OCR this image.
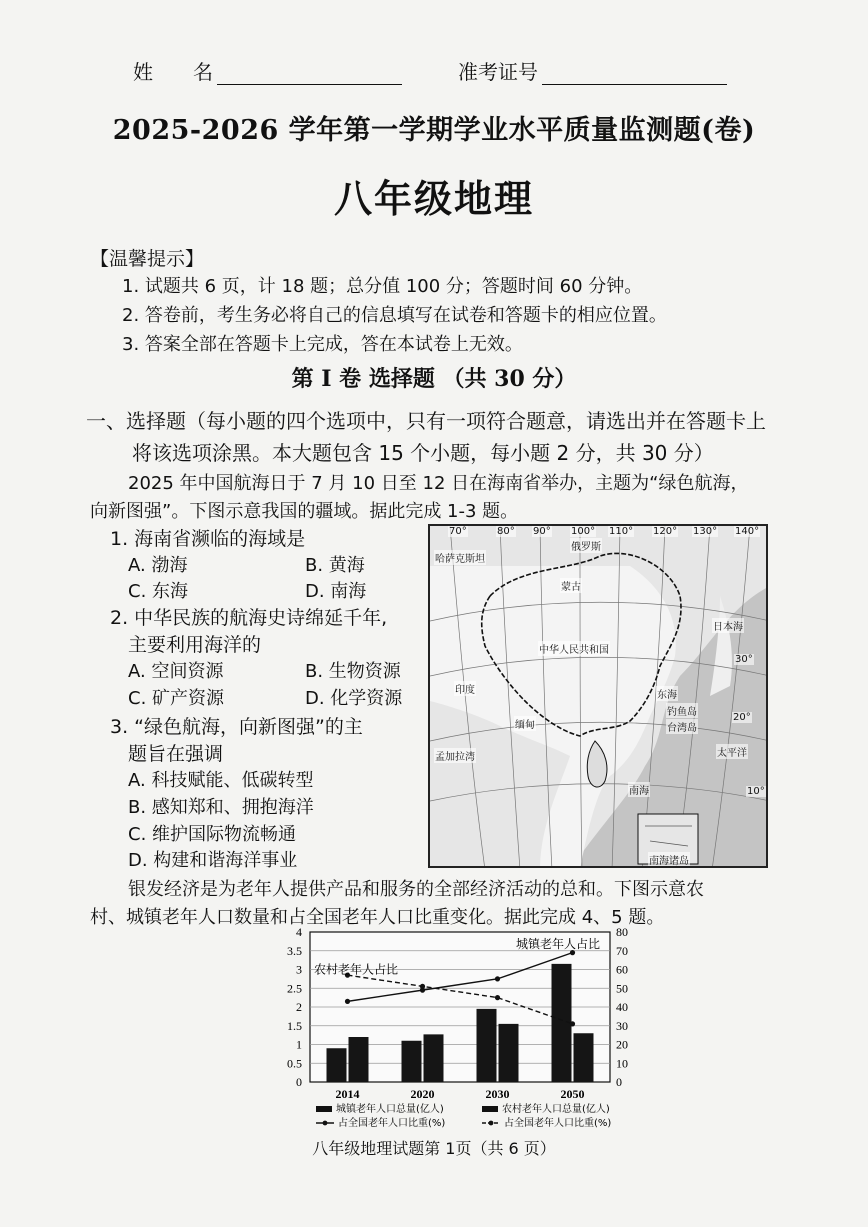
姓　　名	准考证号
2025-2026 学年第一学期学业水平质量监测题(卷)
八年级地理
【温馨提示】
1. 试题共 6 页，计 18 题；总分值 100 分；答题时间 60 分钟。
2. 答卷前，考生务必将自己的信息填写在试卷和答题卡的相应位置。
3. 答案全部在答题卡上完成，答在本试卷上无效。
第 I 卷 选择题 （共 30 分）
一、选择题（每小题的四个选项中，只有一项符合题意，请选出并在答题卡上
将该选项涂黑。本大题包含 15 个小题，每小题 2 分，共 30 分）
2025 年中国航海日于 7 月 10 日至 12 日在海南省举办，主题为“绿色航海，
向新图强”。下图示意我国的疆域。据此完成 1-3 题。
1. 海南省濒临的海域是
A. 渤海	B. 黄海
C. 东海	D. 南海
2. 中华民族的航海史诗绵延千年,
主要利用海洋的
A. 空间资源	B. 生物资源
C. 矿产资源	D. 化学资源
3. “绿色航海，向新图强”的主
题旨在强调
A. 科技赋能、低碳转型
B. 感知郑和、拥抱海洋
C. 维护国际物流畅通
D. 构建和谐海洋事业
70°	80° 90° 100° 110° 120° 130° 140°
俄罗斯
哈萨克斯坦
蒙古
中华人民共和国
日本海
30°
印度
孟加拉湾
缅甸
东海
钓鱼岛
台湾岛
太平洋
南海
南海诸岛
20°
10°
银发经济是为老年人提供产品和服务的全部经济活动的总和。下图示意农
村、城镇老年人口数量和占全国老年人口比重变化。据此完成 4、5 题。
0
0.5
1
1.5
2
2.5
3
3.5
4
0
10
20
30
40
50
60
70
80
2014	2020	2030	2050
城镇老年人占比
农村老年人占比
城镇老年人口总量(亿人)	农村老年人口总量(亿人)
占全国老年人口比重(%)	占全国老年人口比重(%)
八年级地理试题第 1页（共 6 页）
